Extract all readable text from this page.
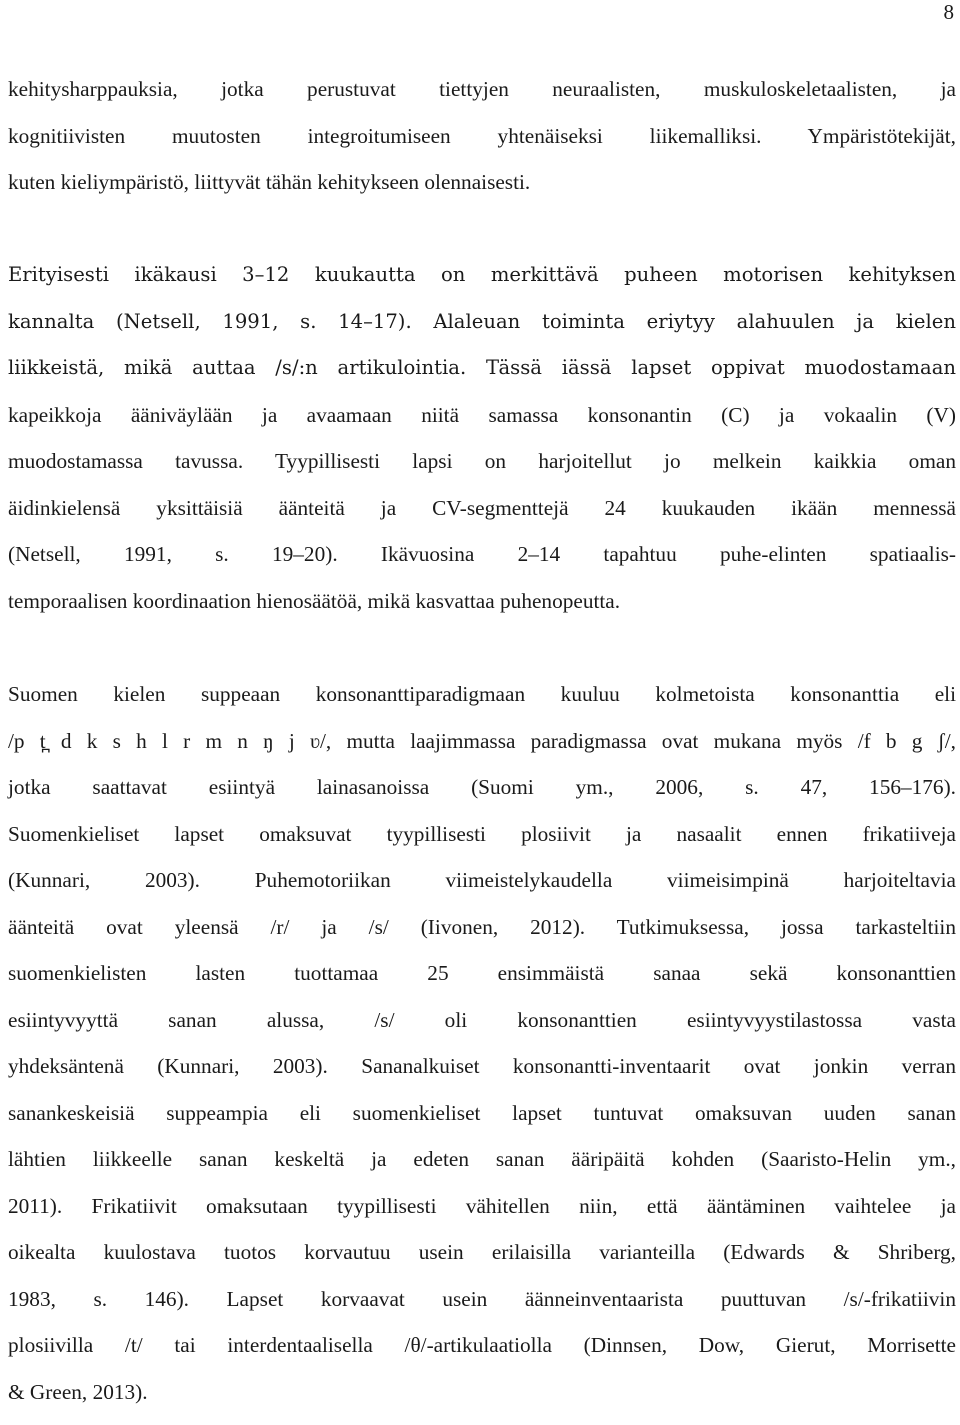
8
kehitysharppauksia, jotka perustuvat tiettyjen neuraalisten, muskuloskeletaalisten, ja
kognitiivisten muutosten integroitumiseen yhtenäiseksi liikemalliksi. Ympäristötekijät,
kuten kieliympäristö, liittyvät tähän kehitykseen olennaisesti.
Erityisesti ikäkausi 3–12 kuukautta on merkittävä puheen motorisen kehityksen
kannalta (Netsell, 1991, s. 14–17). Alaleuan toiminta eriytyy alahuulen ja kielen
liikkeistä, mikä auttaa /s/:n artikulointia. Tässä iässä lapset oppivat muodostamaan
kapeikkoja ääniväylään ja avaamaan niitä samassa konsonantin (C) ja vokaalin (V)
muodostamassa tavussa. Tyypillisesti lapsi on harjoitellut jo melkein kaikkia oman
äidinkielensä yksittäisiä äänteitä ja CV-segmenttejä 24 kuukauden ikään mennessä
(Netsell, 1991, s. 19–20). Ikävuosina 2–14 tapahtuu puhe-elinten spatiaalis-
temporaalisen koordinaation hienosäätöä, mikä kasvattaa puhenopeutta.
Suomen kielen suppeaan konsonanttiparadigmaan kuuluu kolmetoista konsonanttia eli
/p t̪ d k s h l r m n ŋ j ʋ/, mutta laajimmassa paradigmassa ovat mukana myös /f b g ʃ/,
jotka saattavat esiintyä lainasanoissa (Suomi ym., 2006, s. 47, 156–176).
Suomenkieliset lapset omaksuvat tyypillisesti plosiivit ja nasaalit ennen frikatiiveja
(Kunnari, 2003). Puhemotoriikan viimeistelykaudella viimeisimpinä harjoiteltavia
äänteitä ovat yleensä /r/ ja /s/ (Iivonen, 2012). Tutkimuksessa, jossa tarkasteltiin
suomenkielisten lasten tuottamaa 25 ensimmäistä sanaa sekä konsonanttien
esiintyvyyttä sanan alussa, /s/ oli konsonanttien esiintyvyystilastossa vasta
yhdeksäntenä (Kunnari, 2003). Sananalkuiset konsonantti-inventaarit ovat jonkin verran
sanankeskeisiä suppeampia eli suomenkieliset lapset tuntuvat omaksuvan uuden sanan
lähtien liikkeelle sanan keskeltä ja edeten sanan ääripäitä kohden (Saaristo-Helin ym.,
2011). Frikatiivit omaksutaan tyypillisesti vähitellen niin, että ääntäminen vaihtelee ja
oikealta kuulostava tuotos korvautuu usein erilaisilla varianteilla (Edwards & Shriberg,
1983, s. 146). Lapset korvaavat usein äänneinventaarista puuttuvan /s/-frikatiivin
plosiivilla /t/ tai interdentaalisella /θ/-artikulaatiolla (Dinnsen, Dow, Gierut, Morrisette
& Green, 2013).
